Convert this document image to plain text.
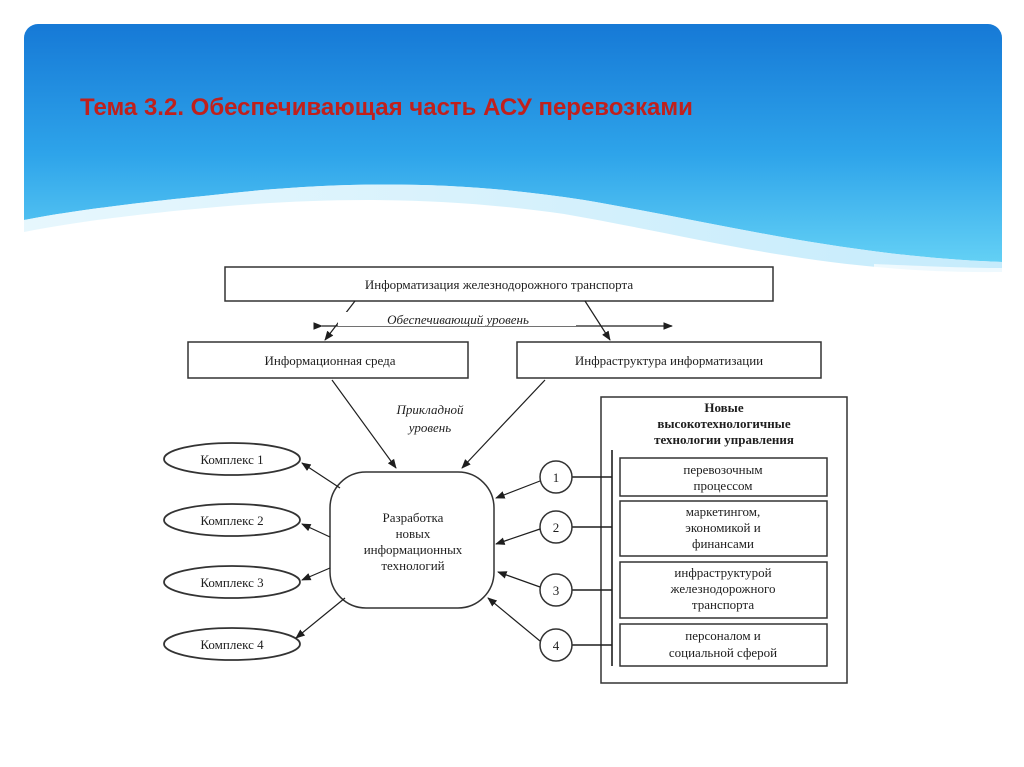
Тема 3.2. Обеспечивающая часть АСУ перевозками
Информатизация железнодорожного транспорта
Обеспечивающий уровень
Информационная среда	Инфраструктура информатизации
Прикладной
уровень
Разработка
новых
информационных
технологий
Комплекс 1
Комплекс 2
Комплекс 3
Комплекс 4
Новые
высокотехнологичные
технологии управления
перевозочным
процессом
маркетингом,
экономикой и
финансами
инфраструктурой
железнодорожного
транспорта
персоналом и
социальной сферой
1
2
3
4
